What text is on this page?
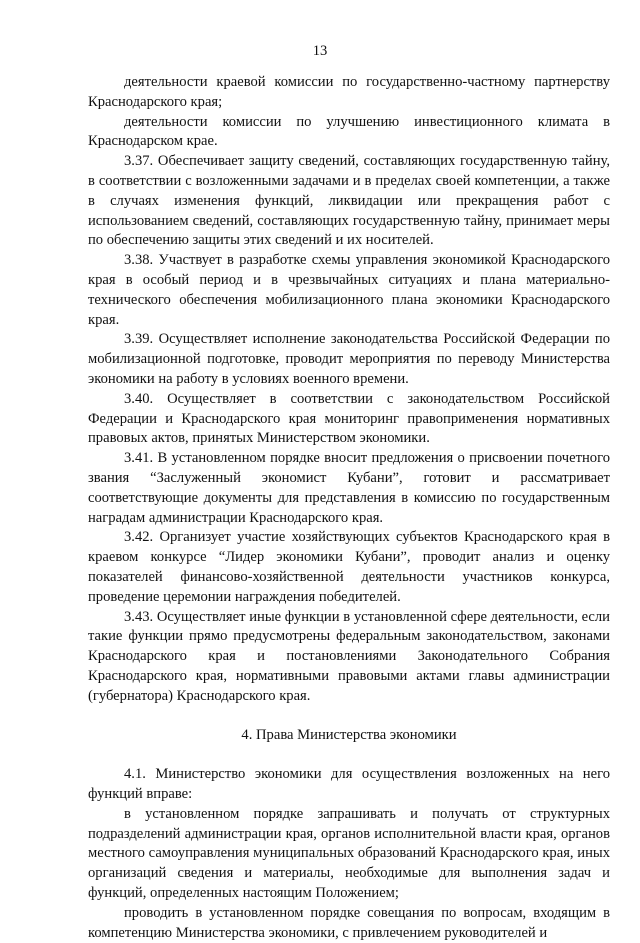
13

деятельности краевой комиссии по государственно-частному партнерству Краснодарского края;

деятельности комиссии по улучшению инвестиционного климата в Краснодарском крае.

3.37. Обеспечивает защиту сведений, составляющих государственную тайну, в соответствии с возложенными задачами и в пределах своей компетенции, а также в случаях изменения функций, ликвидации или прекращения работ с использованием сведений, составляющих государственную тайну, принимает меры по обеспечению защиты этих сведений и их носителей.

3.38. Участвует в разработке схемы управления экономикой Краснодарского края в особый период и в чрезвычайных ситуациях и плана материально-технического обеспечения мобилизационного плана экономики Краснодарского края.

3.39. Осуществляет исполнение законодательства Российской Федерации по мобилизационной подготовке, проводит мероприятия по переводу Министерства экономики на работу в условиях военного времени.

3.40. Осуществляет в соответствии с законодательством Российской Федерации и Краснодарского края мониторинг правоприменения нормативных правовых актов, принятых Министерством экономики.

3.41. В установленном порядке вносит предложения о присвоении почетного звания “Заслуженный экономист Кубани”, готовит и рассматривает соответствующие документы для представления в комиссию по государственным наградам администрации Краснодарского края.

3.42. Организует участие хозяйствующих субъектов Краснодарского края в краевом конкурсе “Лидер экономики Кубани”, проводит анализ и оценку показателей финансово-хозяйственной деятельности участников конкурса, проведение церемонии награждения победителей.

3.43. Осуществляет иные функции в установленной сфере деятельности, если такие функции прямо предусмотрены федеральным законодательством, законами Краснодарского края и постановлениями Законодательного Собрания Краснодарского края, нормативными правовыми актами главы администрации (губернатора) Краснодарского края.

4. Права Министерства экономики

4.1. Министерство экономики для осуществления возложенных на него функций вправе:

в установленном порядке запрашивать и получать от структурных подразделений администрации края, органов исполнительной власти края, органов местного самоуправления муниципальных образований Краснодарского края, иных организаций сведения и материалы, необходимые для выполнения задач и функций, определенных настоящим Положением;

проводить в установленном порядке совещания по вопросам, входящим в компетенцию Министерства экономики, с привлечением руководителей и
